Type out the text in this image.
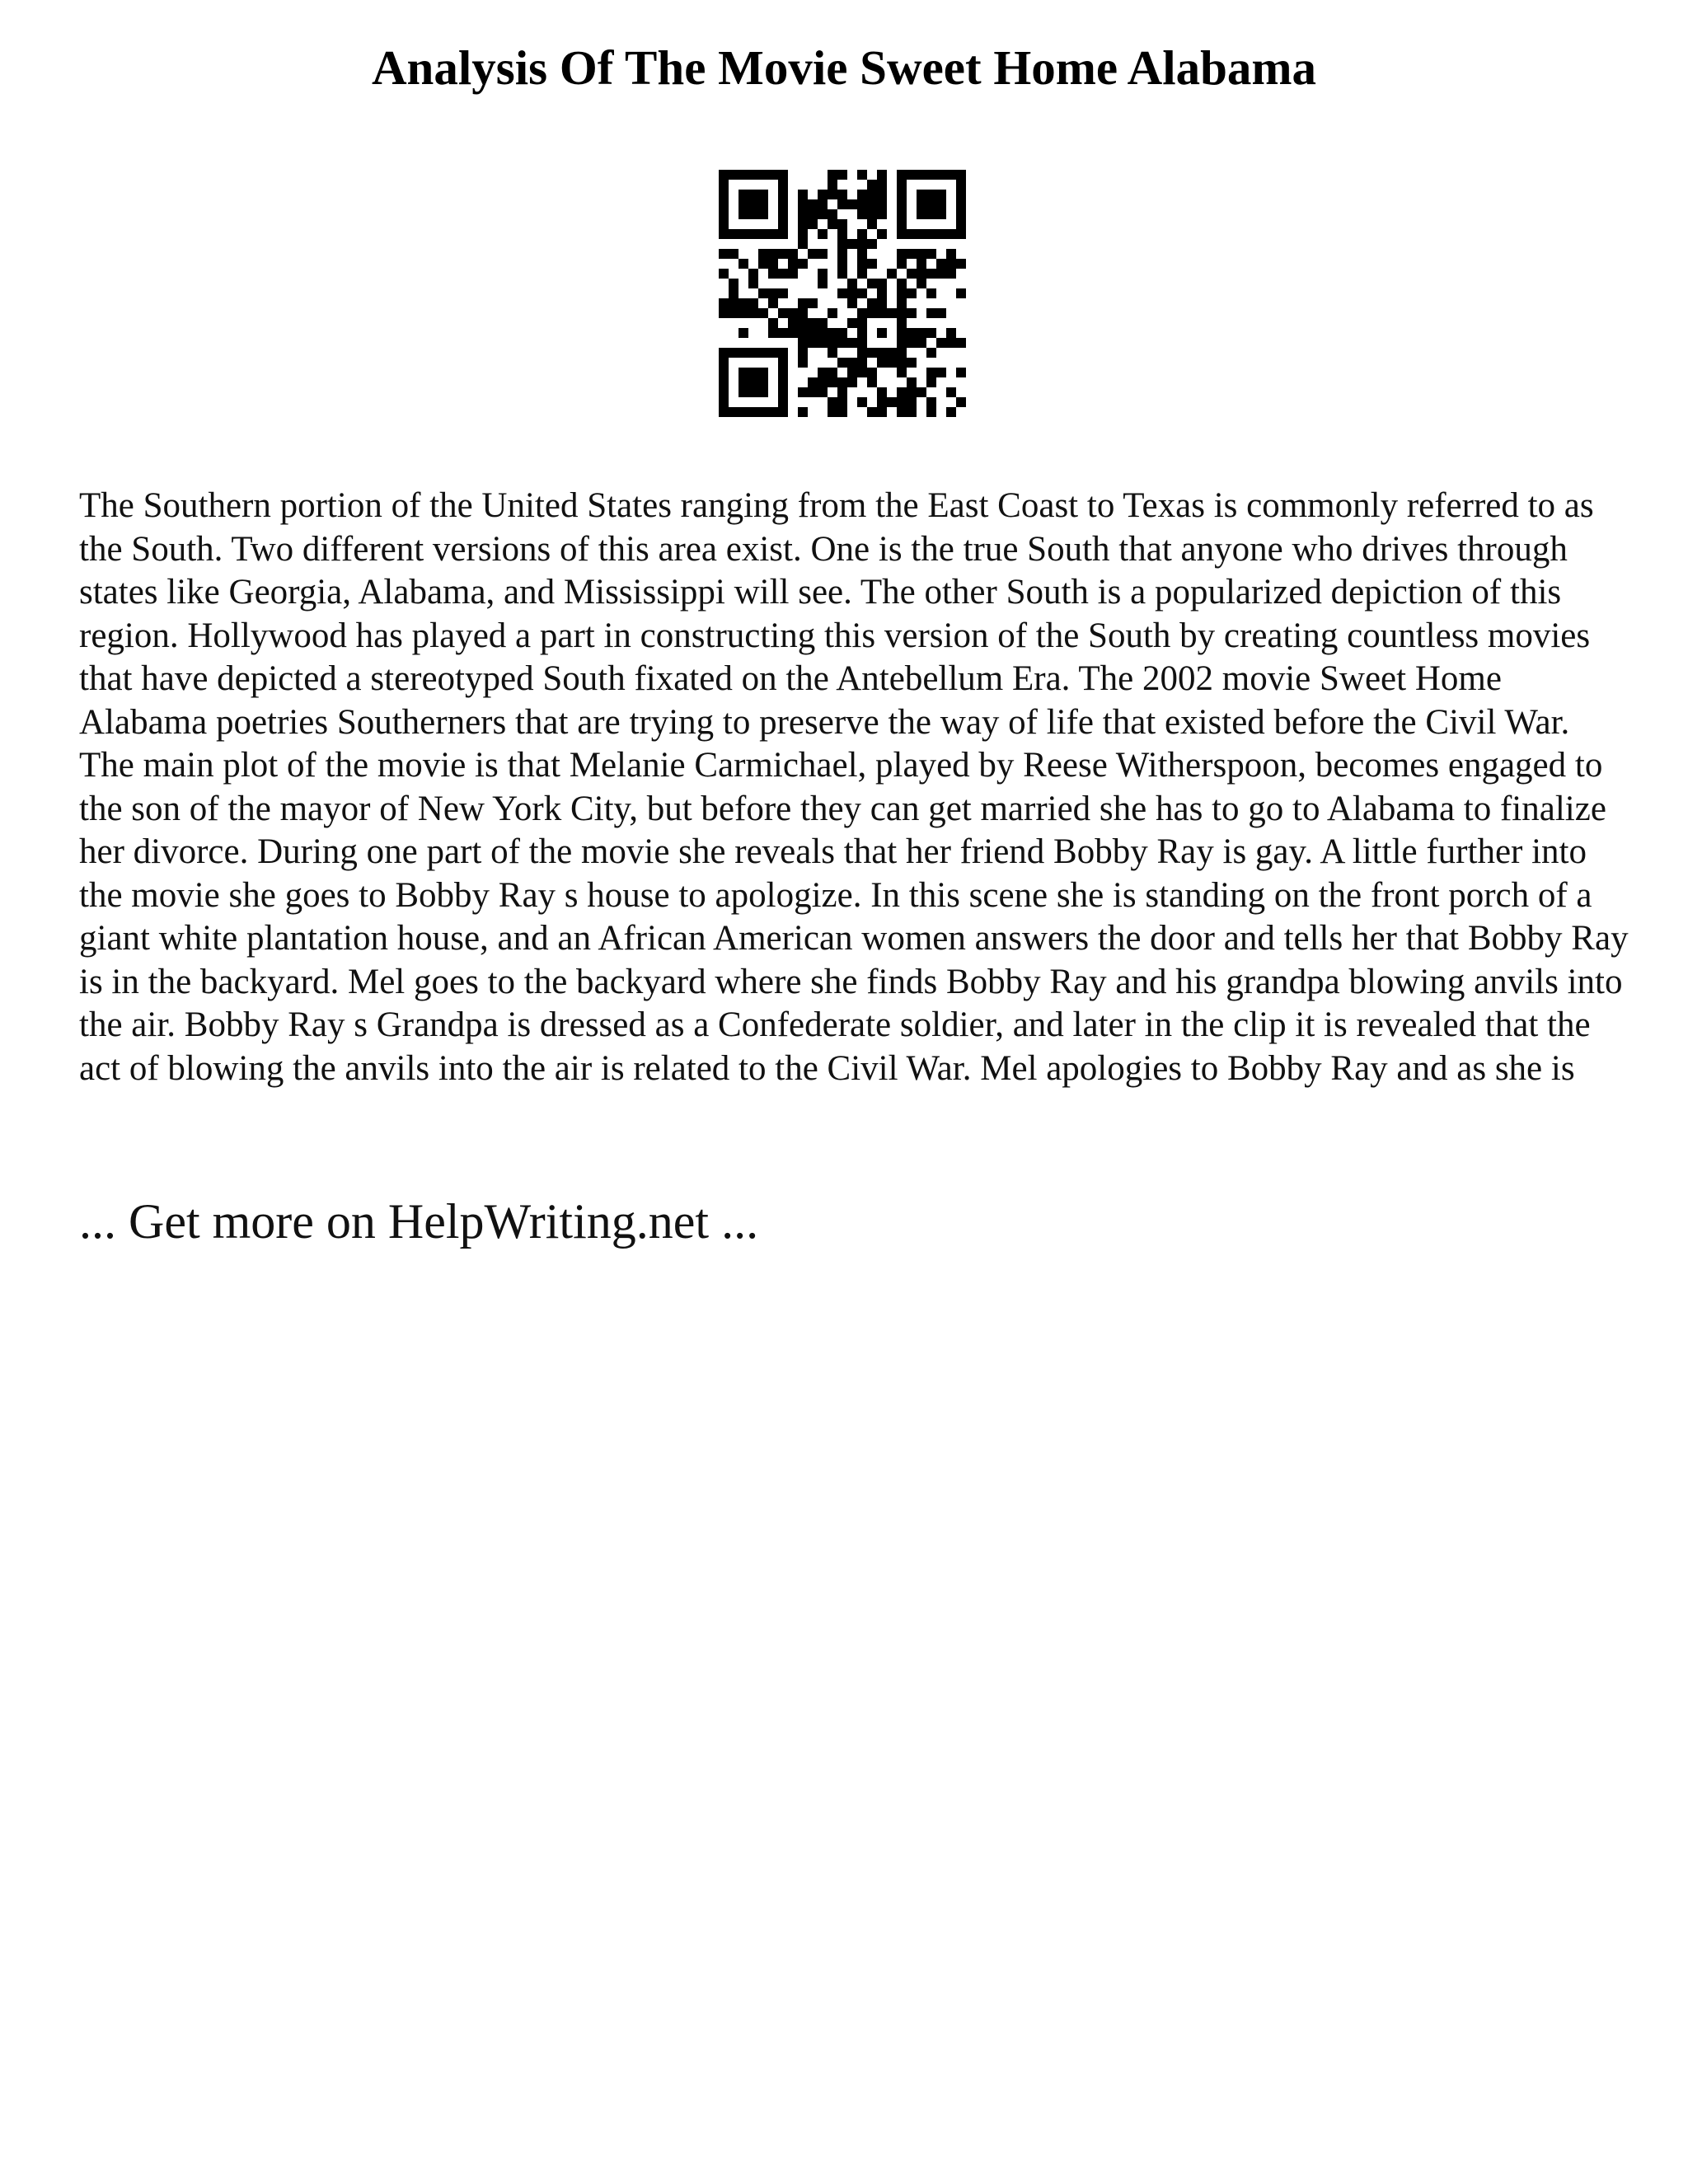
Analysis Of The Movie Sweet Home Alabama

The Southern portion of the United States ranging from the East Coast to Texas is commonly referred to as the South. Two different versions of this area exist. One is the true South that anyone who drives through states like Georgia, Alabama, and Mississippi will see. The other South is a popularized depiction of this region. Hollywood has played a part in constructing this version of the South by creating countless movies that have depicted a stereotyped South fixated on the Antebellum Era. The 2002 movie Sweet Home Alabama poetries Southerners that are trying to preserve the way of life that existed before the Civil War.

The main plot of the movie is that Melanie Carmichael, played by Reese Witherspoon, becomes engaged to the son of the mayor of New York City, but before they can get married she has to go to Alabama to finalize her divorce. During one part of the movie she reveals that her friend Bobby Ray is gay. A little further into the movie she goes to Bobby Ray s house to apologize. In this scene she is standing on the front porch of a giant white plantation house, and an African American women answers the door and tells her that Bobby Ray is in the backyard. Mel goes to the backyard where she finds Bobby Ray and his grandpa blowing anvils into the air. Bobby Ray s Grandpa is dressed as a Confederate soldier, and later in the clip it is revealed that the act of blowing the anvils into the air is related to the Civil War. Mel apologies to Bobby Ray and as she is

... Get more on HelpWriting.net ...
